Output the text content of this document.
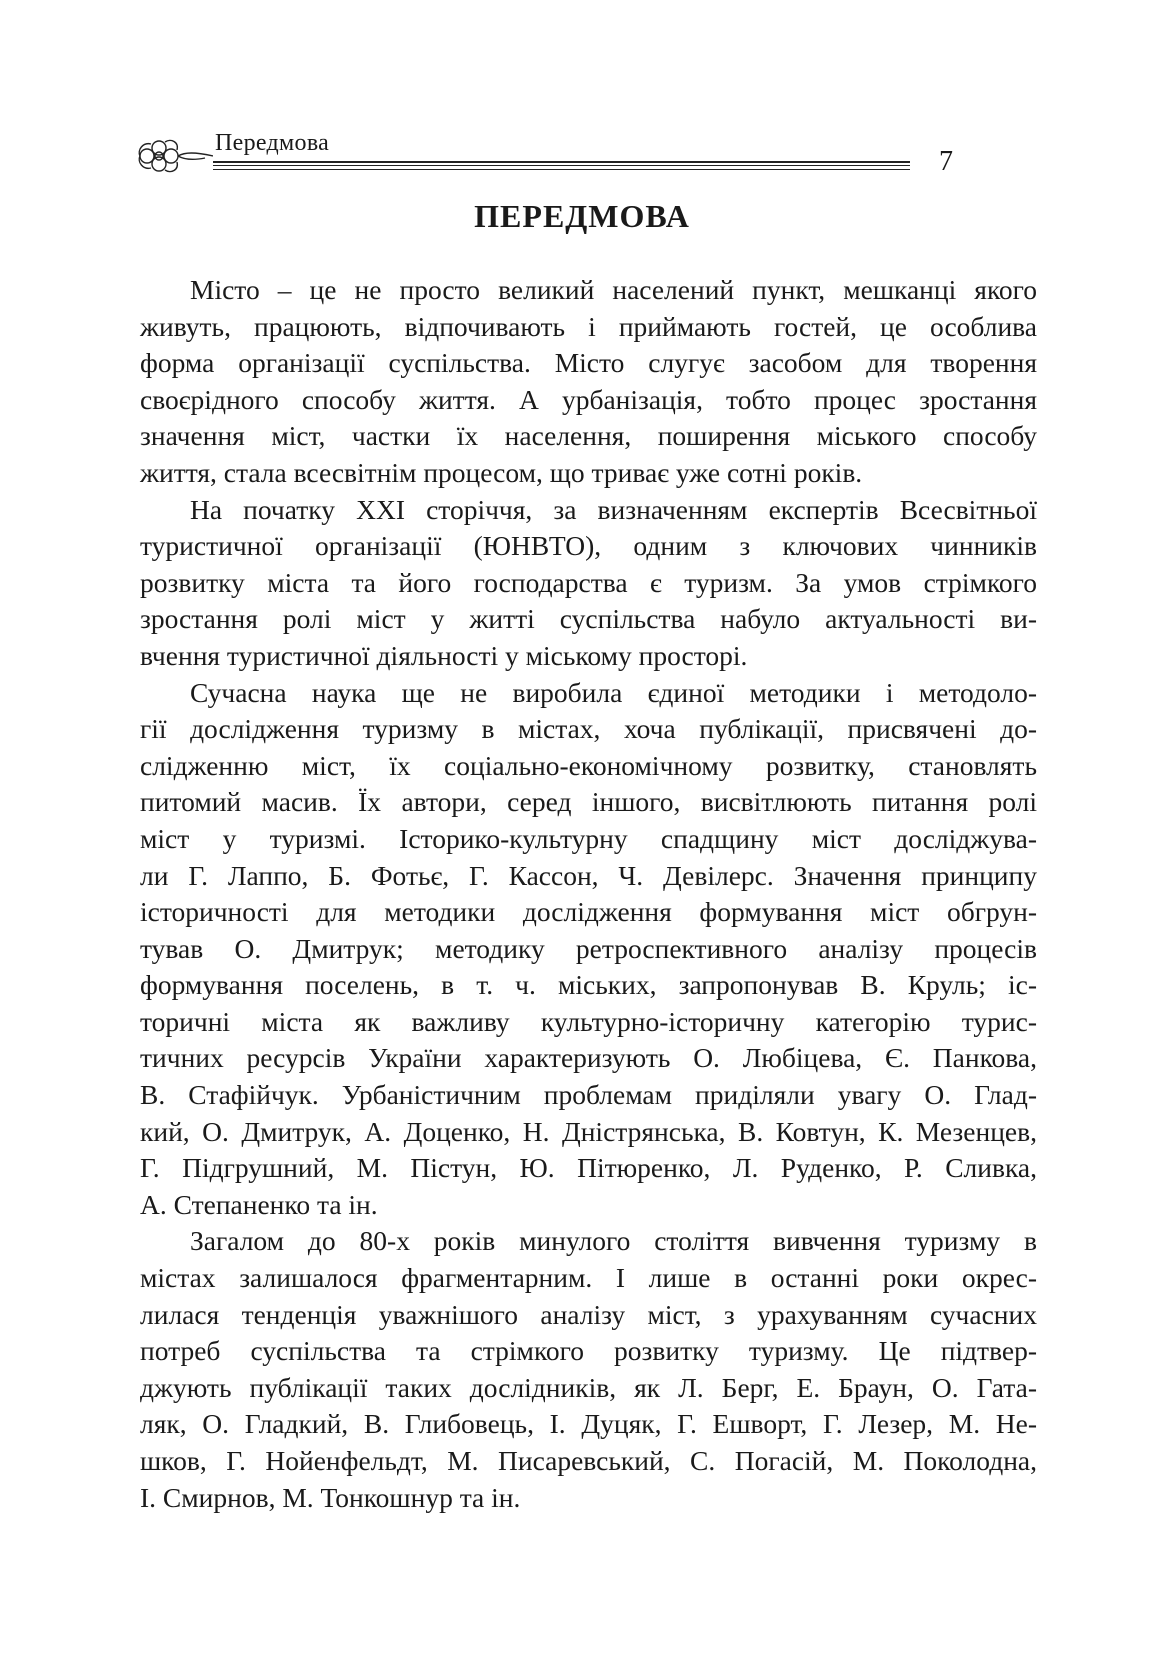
Передмова
7
ПЕРЕДМОВА
Місто – це не просто великий населений пункт, мешканці якого
живуть, працюють, відпочивають і приймають гостей, це особлива
форма організації суспільства. Місто слугує засобом для творення
своєрідного способу життя. А урбанізація, тобто процес зростання
значення міст, частки їх населення, поширення міського способу
життя, стала всесвітнім процесом, що триває уже сотні років.
На початку XXI сторіччя, за визначенням експертів Всесвітньої
туристичної організації (ЮНВТО), одним з ключових чинників
розвитку міста та його господарства є туризм. За умов стрімкого
зростання ролі міст у житті суспільства набуло актуальності ви-
вчення туристичної діяльності у міському просторі.
Сучасна наука ще не виробила єдиної методики і методоло-
гії дослідження туризму в містах, хоча публікації, присвячені до-
слідженню міст, їх соціально-економічному розвитку, становлять
питомий масив. Їх автори, серед іншого, висвітлюють питання ролі
міст у туризмі. Історико-культурну спадщину міст досліджува-
ли Г. Лаппо, Б. Фотьє, Г. Кассон, Ч. Девілерс. Значення принципу
історичності для методики дослідження формування міст обгрун-
тував О. Дмитрук; методику ретроспективного аналізу процесів
формування поселень, в т. ч. міських, запропонував В. Круль; іс-
торичні міста як важливу культурно-історичну категорію турис-
тичних ресурсів України характеризують О. Любіцева, Є. Панкова,
В. Стафійчук. Урбаністичним проблемам приділяли увагу О. Глад-
кий, О. Дмитрук, А. Доценко, Н. Дністрянська, В. Ковтун, К. Мезенцев,
Г. Підгрушний, М. Пістун, Ю. Пітюренко, Л. Руденко, Р. Сливка,
А. Степаненко та ін.
Загалом до 80-х років минулого століття вивчення туризму в
містах залишалося фрагментарним. І лише в останні роки окрес-
лилася тенденція уважнішого аналізу міст, з урахуванням сучасних
потреб суспільства та стрімкого розвитку туризму. Це підтвер-
джують публікації таких дослідників, як Л. Берг, Е. Браун, О. Гата-
ляк, О. Гладкий, В. Глибовець, І. Дуцяк, Г. Ешворт, Г. Лезер, М. Не-
шков, Г. Нойенфельдт, М. Писаревський, С. Погасій, М. Поколодна,
І. Смирнов, М. Тонкошнур та ін.
